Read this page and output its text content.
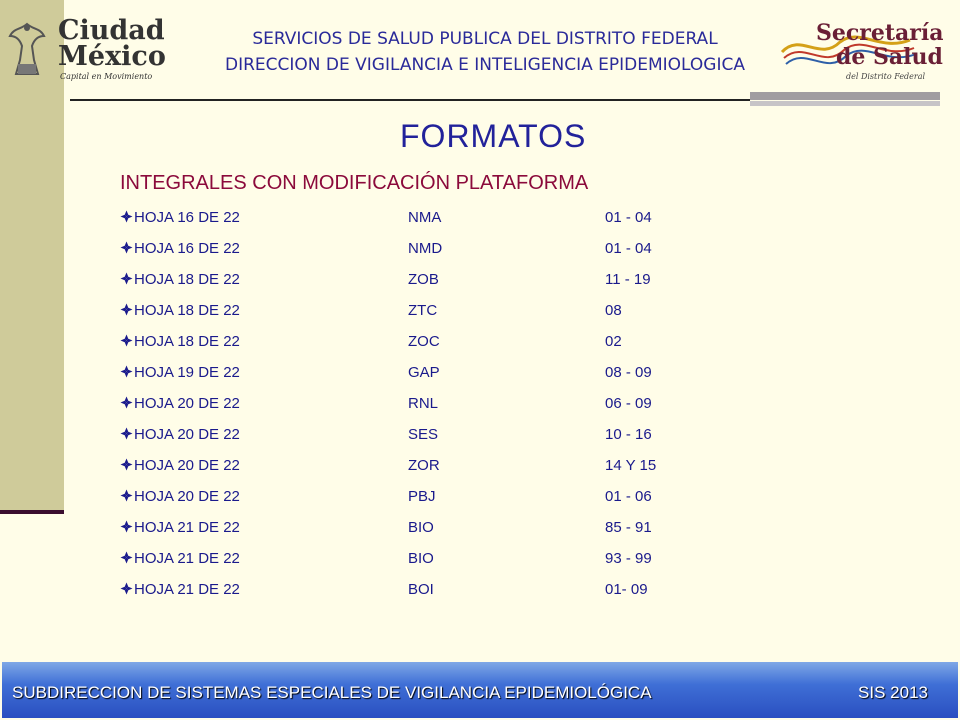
Ciudad
México
Capital en Movimiento
SERVICIOS DE SALUD PUBLICA DEL DISTRITO FEDERAL
DIRECCION DE VIGILANCIA E INTELIGENCIA EPIDEMIOLOGICA
Secretaría
de Salud
del Distrito Federal
FORMATOS
INTEGRALES CON MODIFICACIÓN PLATAFORMA
HOJA 16 DE 22	NMA	01 - 04
HOJA 16 DE 22	NMD	01 - 04
HOJA 18 DE 22	ZOB	11 - 19
HOJA 18 DE 22	ZTC	08
HOJA 18 DE 22	ZOC	02
HOJA 19 DE 22	GAP	08 - 09
HOJA 20 DE 22	RNL	06 - 09
HOJA 20 DE 22	SES	10 - 16
HOJA 20 DE 22	ZOR	14 Y 15
HOJA 20 DE 22	PBJ	01 - 06
HOJA 21 DE 22	BIO	85 - 91
HOJA 21 DE 22	BIO	93 - 99
HOJA 21 DE 22	BOI	01- 09
SUBDIRECCION DE SISTEMAS ESPECIALES DE VIGILANCIA EPIDEMIOLÓGICA	SIS 2013
